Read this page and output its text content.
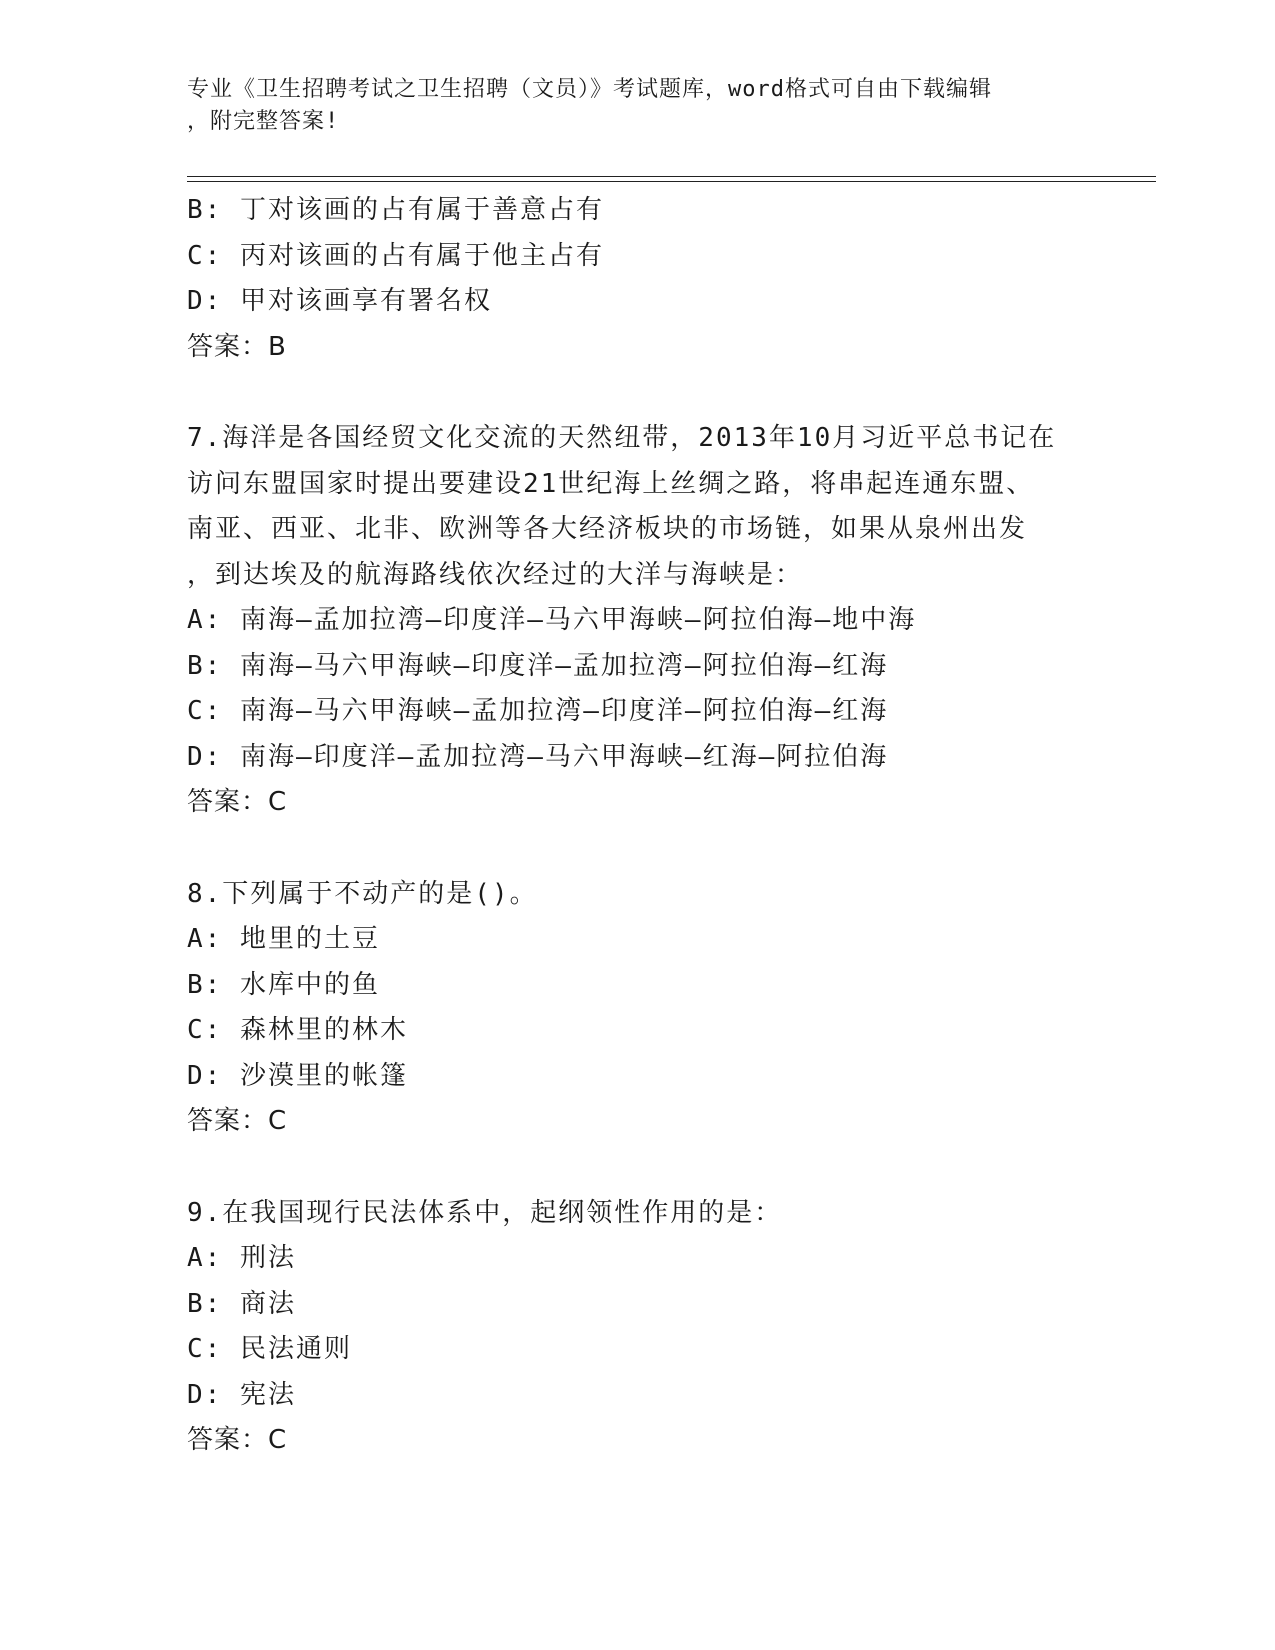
专业《卫生招聘考试之卫生招聘（文员）》考试题库，word格式可自由下载编辑
，附完整答案!
B: 丁对该画的占有属于善意占有
C: 丙对该画的占有属于他主占有
D: 甲对该画享有署名权
答案：B
7.海洋是各国经贸文化交流的天然纽带，2013年10月习近平总书记在
访问东盟国家时提出要建设21世纪海上丝绸之路，将串起连通东盟、
南亚、西亚、北非、欧洲等各大经济板块的市场链，如果从泉州出发
，到达埃及的航海路线依次经过的大洋与海峡是：
A: 南海—孟加拉湾—印度洋—马六甲海峡—阿拉伯海—地中海
B: 南海—马六甲海峡—印度洋—孟加拉湾—阿拉伯海—红海
C: 南海—马六甲海峡—孟加拉湾—印度洋—阿拉伯海—红海
D: 南海—印度洋—孟加拉湾—马六甲海峡—红海—阿拉伯海
答案：C
8.下列属于不动产的是()。
A: 地里的土豆
B: 水库中的鱼
C: 森林里的林木
D: 沙漠里的帐篷
答案：C
9.在我国现行民法体系中，起纲领性作用的是：
A: 刑法
B: 商法
C: 民法通则
D: 宪法
答案：C
